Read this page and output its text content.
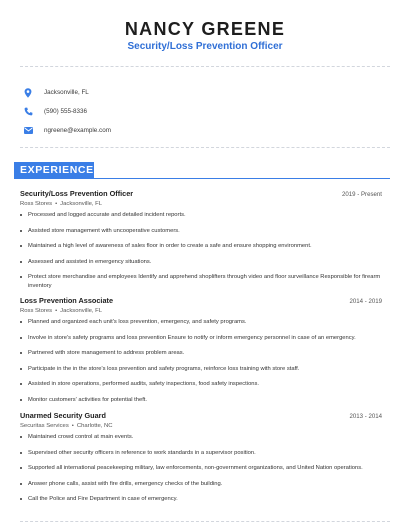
NANCY GREENE
Security/Loss Prevention Officer
Jacksonville, FL
(590) 555-8336
ngreene@example.com
EXPERIENCE
Security/Loss Prevention Officer	2019 - Present
Ross Stores • Jacksonville, FL
Processed and logged accurate and detailed incident reports.
Assisted store management with uncooperative customers.
Maintained a high level of awareness of sales floor in order to create a safe and ensure shopping environment.
Assessed and assisted in emergency situations.
Protect store merchandise and employees Identify and apprehend shoplifters through video and floor surveillance Responsible for firearm inventory
Loss Prevention Associate	2014 - 2019
Ross Stores • Jacksonville, FL
Planned and organized each unit's loss prevention, emergency, and safety programs.
Involve in store's safety programs and loss prevention Ensure to notify or inform emergency personnel in case of an emergency.
Partnered with store management to address problem areas.
Participate in the in the store's loss prevention and safety programs, reinforce loss training with store staff.
Assisted in store operations, performed audits, safety inspections, food safety inspections.
Monitor customers' activities for potential theft.
Unarmed Security Guard	2013 - 2014
Securitas Services • Charlotte, NC
Maintained crowd control at main events.
Supervised other security officers in reference to work standards in a supervisor position.
Supported all international peacekeeping military, law enforcements, non-government organizations, and United Nation operations.
Answer phone calls, assist with fire drills, emergency checks of the building.
Call the Police and Fire Department in case of emergency.
